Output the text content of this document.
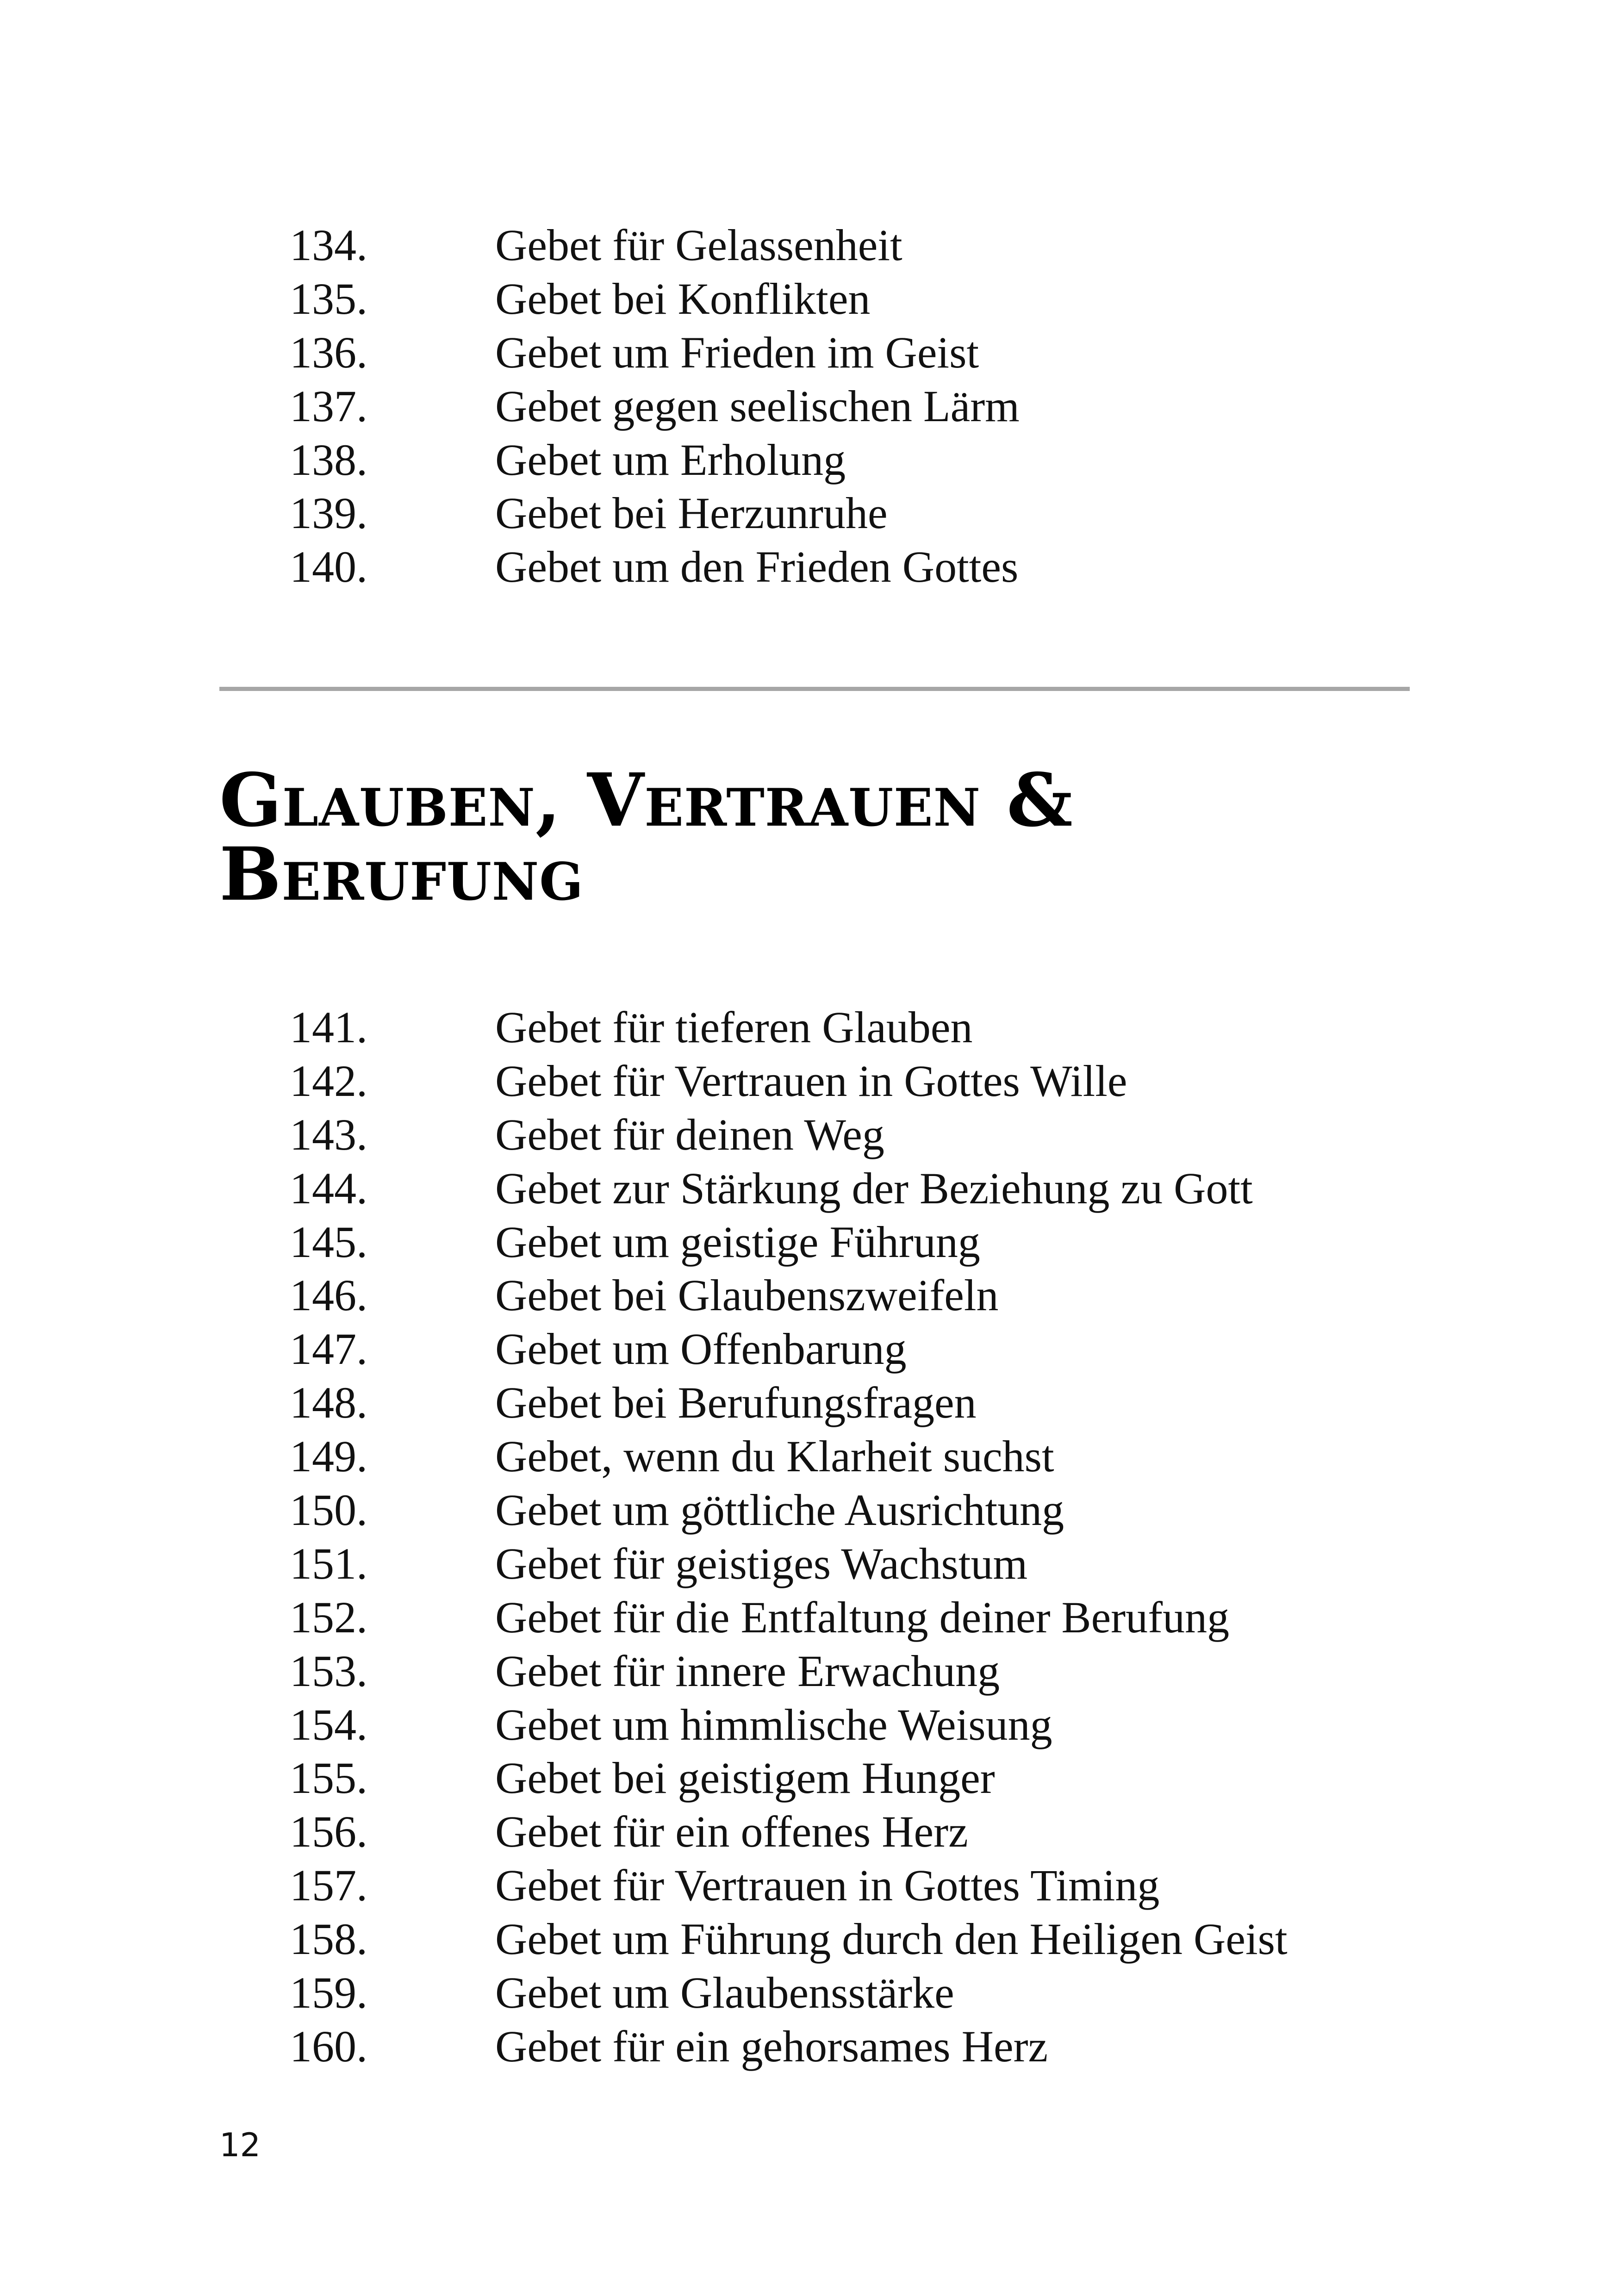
134.	Gebet für Gelassenheit
135.	Gebet bei Konflikten
136.	Gebet um Frieden im Geist
137.	Gebet gegen seelischen Lärm
138.	Gebet um Erholung
139.	Gebet bei Herzunruhe
140.	Gebet um den Frieden Gottes
Glauben, Vertrauen &
Berufung
141.	Gebet für tieferen Glauben
142.	Gebet für Vertrauen in Gottes Wille
143.	Gebet für deinen Weg
144.	Gebet zur Stärkung der Beziehung zu Gott
145.	Gebet um geistige Führung
146.	Gebet bei Glaubenszweifeln
147.	Gebet um Offenbarung
148.	Gebet bei Berufungsfragen
149.	Gebet, wenn du Klarheit suchst
150.	Gebet um göttliche Ausrichtung
151.	Gebet für geistiges Wachstum
152.	Gebet für die Entfaltung deiner Berufung
153.	Gebet für innere Erwachung
154.	Gebet um himmlische Weisung
155.	Gebet bei geistigem Hunger
156.	Gebet für ein offenes Herz
157.	Gebet für Vertrauen in Gottes Timing
158.	Gebet um Führung durch den Heiligen Geist
159.	Gebet um Glaubensstärke
160.	Gebet für ein gehorsames Herz
12
